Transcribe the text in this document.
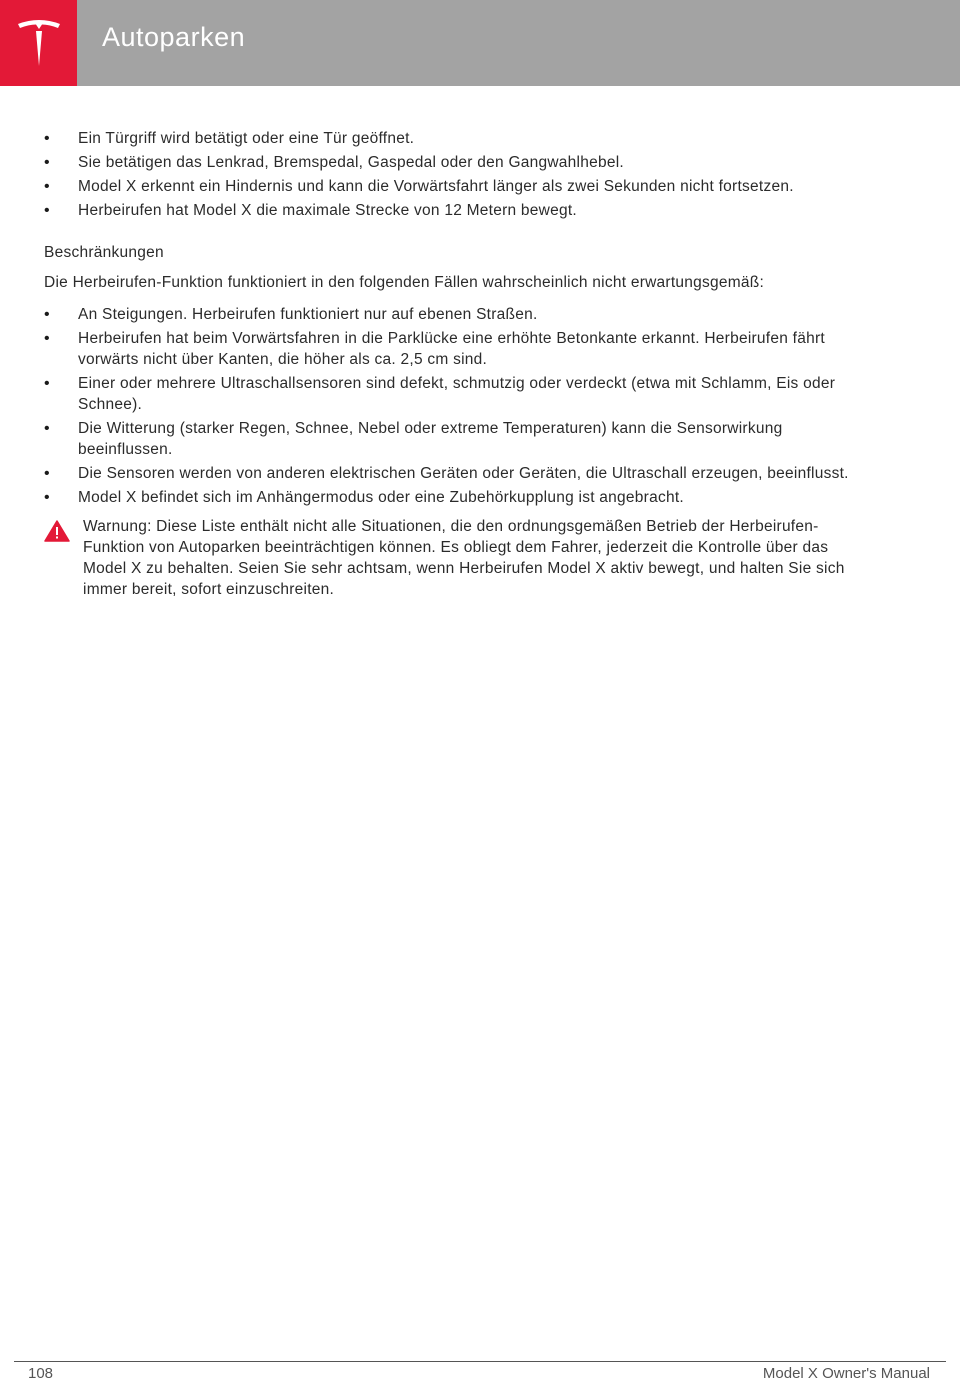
Autoparken
• Ein Türgriff wird betätigt oder eine Tür geöffnet.
• Sie betätigen das Lenkrad, Bremspedal, Gaspedal oder den Gangwahlhebel.
• Model X erkennt ein Hindernis und kann die Vorwärtsfahrt länger als zwei Sekunden nicht fortsetzen.
• Herbeirufen hat Model X die maximale Strecke von 12 Metern bewegt.

Beschränkungen

Die Herbeirufen-Funktion funktioniert in den folgenden Fällen wahrscheinlich nicht erwartungsgemäß:

• An Steigungen. Herbeirufen funktioniert nur auf ebenen Straßen.
• Herbeirufen hat beim Vorwärtsfahren in die Parklücke eine erhöhte Betonkante erkannt. Herbeirufen fährt vorwärts nicht über Kanten, die höher als ca. 2,5 cm sind.
• Einer oder mehrere Ultraschallsensoren sind defekt, schmutzig oder verdeckt (etwa mit Schlamm, Eis oder Schnee).
• Die Witterung (starker Regen, Schnee, Nebel oder extreme Temperaturen) kann die Sensorwirkung beeinflussen.
• Die Sensoren werden von anderen elektrischen Geräten oder Geräten, die Ultraschall erzeugen, beeinflusst.
• Model X befindet sich im Anhängermodus oder eine Zubehörkupplung ist angebracht.
Warnung: Diese Liste enthält nicht alle Situationen, die den ordnungsgemäßen Betrieb der Herbeirufen-Funktion von Autoparken beeinträchtigen können. Es obliegt dem Fahrer, jederzeit die Kontrolle über das Model X zu behalten. Seien Sie sehr achtsam, wenn Herbeirufen Model X aktiv bewegt, und halten Sie sich immer bereit, sofort einzuschreiten.
108	Model X Owner's Manual
